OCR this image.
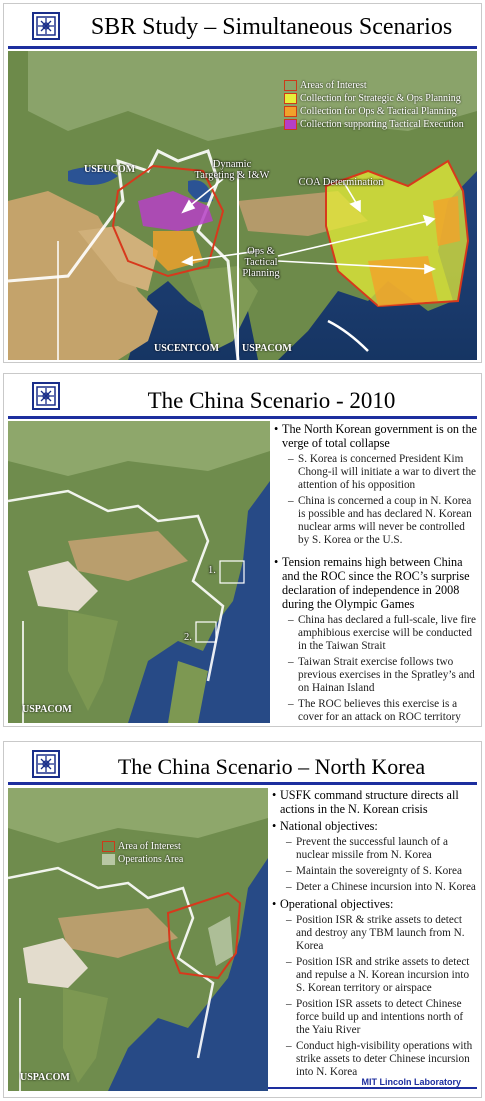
SBR Study – Simultaneous Scenarios
Areas of Interest
Collection for Strategic & Ops Planning
Collection for Ops & Tactical Planning
Collection supporting Tactical Execution
Dynamic Targeting & I&W
COA Determination
Ops & Tactical Planning
USEUCOM
USCENTCOM USPACOM
The China Scenario - 2010
1.
2.
USPACOM

• The North Korean government is on the verge of total collapse

– S. Korea is concerned President Kim Chong-il will initiate a war to divert the attention of his opposition

– China is concerned a coup in N. Korea is possible and has declared N. Korean nuclear arms will never be controlled by S. Korea or the U.S.

• Tension remains high between China and the ROC since the ROC’s surprise declaration of independence in 2008 during the Olympic Games

– China has declared a full-scale, live fire amphibious exercise will be conducted in the Taiwan Strait

– Taiwan Strait exercise follows two previous exercises in the Spratley’s and on Hainan Island

– The ROC believes this exercise is a cover for an attack on ROC territory

The China Scenario – North Korea
Area of Interest
Operations Area
USPACOM

• USFK command structure directs all actions in the N. Korean crisis

• National objectives:

– Prevent the successful launch of a nuclear missile from N. Korea

– Maintain the sovereignty of S. Korea

– Deter a Chinese incursion into N. Korea

• Operational objectives:

– Position ISR & strike assets to detect and destroy any TBM launch from N. Korea

– Position ISR and strike assets to detect and repulse a N. Korean incursion into S. Korean territory or airspace

– Position ISR assets to detect Chinese force build up and intentions north of the Yaiu River

– Conduct high-visibility operations with strike assets to deter Chinese incursion into N. Korea

MIT Lincoln Laboratory
